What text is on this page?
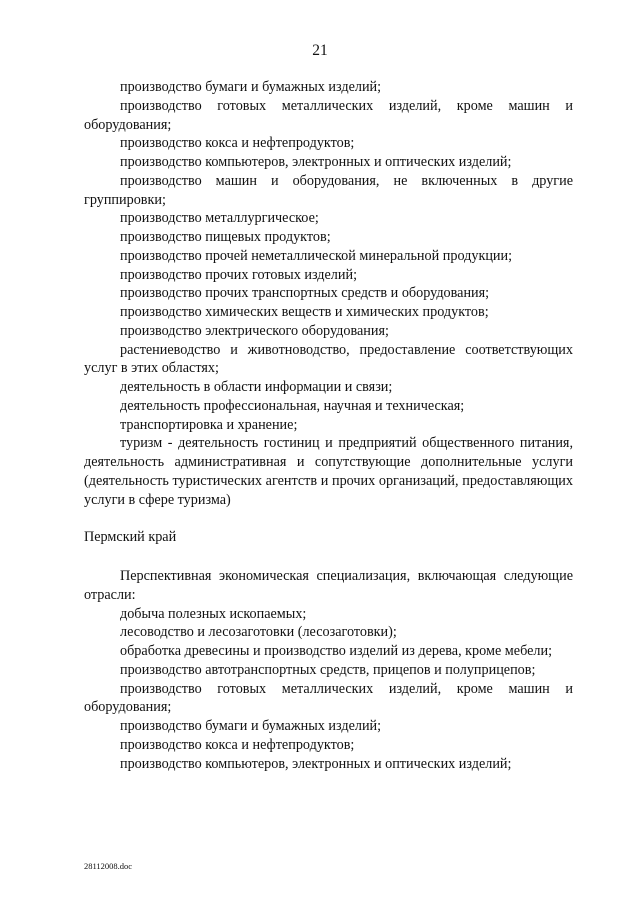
21

производство бумаги и бумажных изделий;

производство готовых металлических изделий, кроме машин и оборудования;

производство кокса и нефтепродуктов;

производство компьютеров, электронных и оптических изделий;

производство машин и оборудования, не включенных в другие группировки;

производство металлургическое;

производство пищевых продуктов;

производство прочей неметаллической минеральной продукции;

производство прочих готовых изделий;

производство прочих транспортных средств и оборудования;

производство химических веществ и химических продуктов;

производство электрического оборудования;

растениеводство и животноводство, предоставление соответствующих услуг в этих областях;

деятельность в области информации и связи;

деятельность профессиональная, научная и техническая;

транспортировка и хранение;

туризм - деятельность гостиниц и предприятий общественного питания, деятельность административная и сопутствующие дополнительные услуги (деятельность туристических агентств и прочих организаций, предоставляющих услуги в сфере туризма)

Пермский край

Перспективная экономическая специализация, включающая следующие отрасли:

добыча полезных ископаемых;

лесоводство и лесозаготовки (лесозаготовки);

обработка древесины и производство изделий из дерева, кроме мебели;

производство автотранспортных средств, прицепов и полуприцепов;

производство готовых металлических изделий, кроме машин и оборудования;

производство бумаги и бумажных изделий;

производство кокса и нефтепродуктов;

производство компьютеров, электронных и оптических изделий;

28112008.doc
